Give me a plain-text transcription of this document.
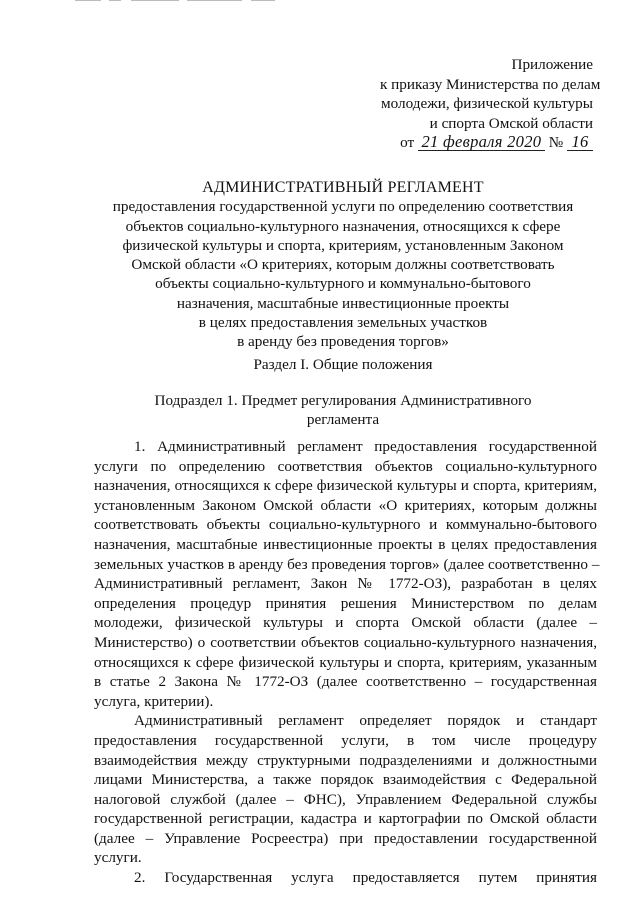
Приложение
к приказу Министерства по делам
молодежи, физической культуры
и спорта Омской области
от 21 февраля 2020 № 16
АДМИНИСТРАТИВНЫЙ РЕГЛАМЕНТ
предоставления государственной услуги по определению соответствия
объектов социально-культурного назначения, относящихся к сфере
физической культуры и спорта, критериям, установленным Законом
Омской области «О критериях, которым должны соответствовать
объекты социально-культурного и коммунально-бытового
назначения, масштабные инвестиционные проекты
в целях предоставления земельных участков
в аренду без проведения торгов»
Раздел I. Общие положения
Подраздел 1. Предмет регулирования Административного
регламента
1. Административный регламент предоставления государственной
услуги по определению соответствия объектов социально-культурного
назначения, относящихся к сфере физической культуры и спорта, критериям,
установленным Законом Омской области «О критериях, которым должны
соответствовать объекты социально-культурного и коммунально-бытового
назначения, масштабные инвестиционные проекты в целях предоставления
земельных участков в аренду без проведения торгов» (далее соответственно –
Административный регламент, Закон № 1772-ОЗ), разработан в целях
определения процедур принятия решения Министерством по делам
молодежи, физической культуры и спорта Омской области (далее –
Министерство) о соответствии объектов социально-культурного назначения,
относящихся к сфере физической культуры и спорта, критериям, указанным
в статье 2 Закона № 1772-ОЗ (далее соответственно – государственная
услуга, критерии).
Административный регламент определяет порядок и стандарт
предоставления государственной услуги, в том числе процедуру
взаимодействия между структурными подразделениями и должностными
лицами Министерства, а также порядок взаимодействия с Федеральной
налоговой службой (далее – ФНС), Управлением Федеральной службы
государственной регистрации, кадастра и картографии по Омской области
(далее – Управление Росреестра) при предоставлении государственной
услуги.
2. Государственная услуга предоставляется путем принятия
